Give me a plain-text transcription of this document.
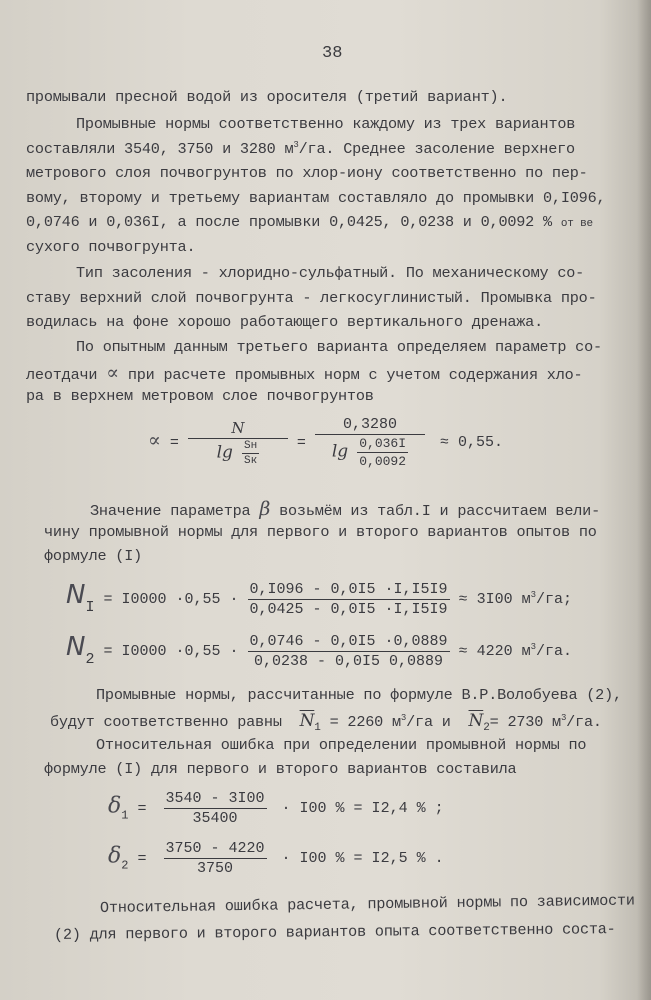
38
промывали пресной водой из оросителя (третий вариант).
Промывные нормы соответственно каждому из трех вариантов
составляли 3540, 3750 и 3280 $м^3/га$. Среднее засоление верхнего
метрового слоя почвогрунтов по хлор-иону соответственно по пер-
вому, второму и третьему вариантам составляло до промывки 0,I096,
0,0746 и 0,036I, а после промывки 0,0425, 0,0238 и 0,0092 % от ве
сухого почвогрунта.
Тип засоления - хлоридно-сульфатный. По механическому со-
ставу верхний слой почвогрунта - легкосуглинистый. Промывка про-
водилась на фоне хорошо работающего вертикального дренажа.
По опытным данным третьего варианта определяем параметр со-
леотдачи ∝ при расчете промывных норм с учетом содержания хло-
ра в верхнем метровом слое почвогрунтов
∝ = $\frac{N}{\lg \frac{Sн}{Sк}} = \frac{0,3280}{\lg \frac{0,036I}{0,0092}} \approx 0,55$.
Значение параметра β возьмём из табл.I и рассчитаем вели-
чину промывной нормы для первого и второго вариантов опытов по
формуле (I)
NI = $I0000 \cdot 0,55 \cdot \frac{0,I096 - 0,0I5 \cdot I,I5I9}{0,0425 - 0,0I5 \cdot I,I5I9} \approx 3I00$ $м^3/га$;
$N2 = I0000 \cdot 0,55 \cdot \frac{0,0746 - 0,0I5 \cdot 0,0889}{0,0238 - 0,0I5 0,0889} \approx 4220$ $м^3/га$.
Промывные нормы, рассчитанные по формуле В.Р.Волобуева (2),
будут соответственно равны $\overline{N}_1 = 2260$ $м^3/га$ и $\overline{N}_2= 2730$ $м^3/га$.
Относительная ошибка при определении промывной нормы по
формуле (I) для первого и второго вариантов составила
$\delta_1 = \frac{3540 - 3I00}{35400} \cdot I00$ % = I2,4 % ;
$\delta_2 = \frac{3750 - 4220}{3750} \cdot I00$ % = I2,5 % .
Относительная ошибка расчета, промывной нормы по зависимости
(2) для первого и второго вариантов опыта соответственно соста-
